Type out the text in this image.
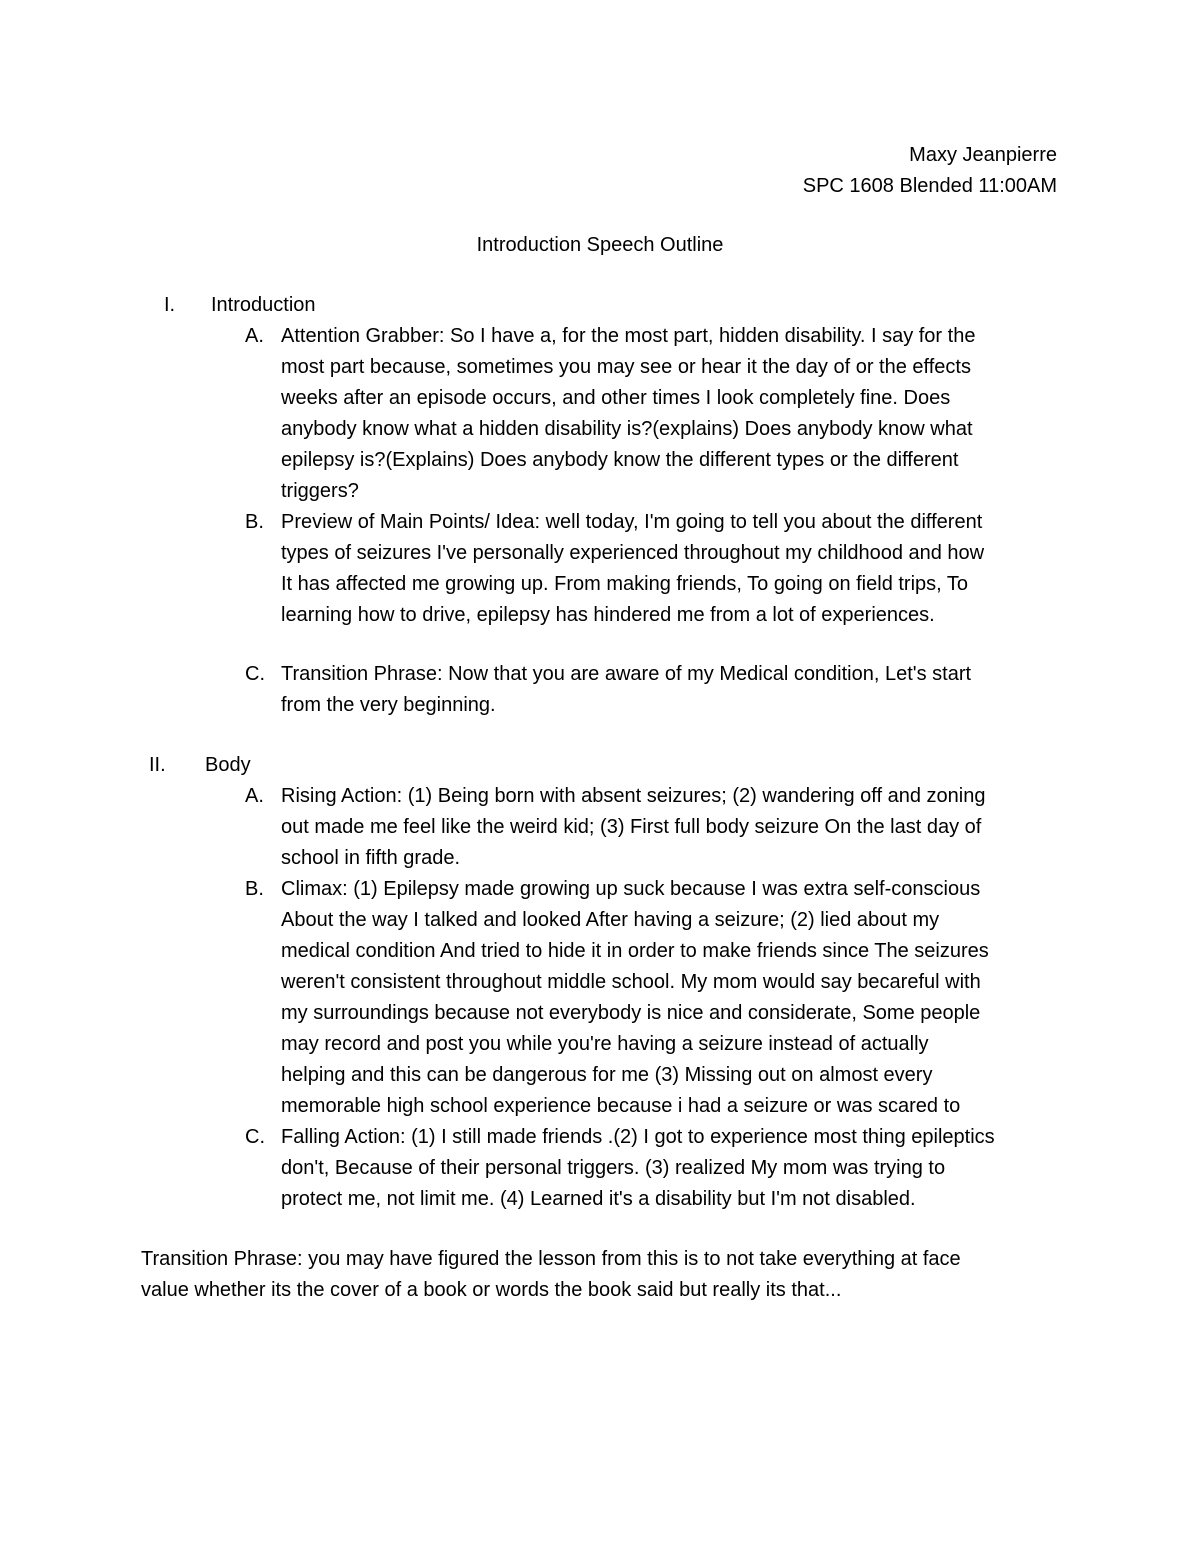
Maxy Jeanpierre
SPC 1608 Blended 11:00AM
Introduction Speech Outline
I. Introduction
A. Attention Grabber: So I have a, for the most part, hidden disability. I say for the
most part because, sometimes you may see or hear it the day of or the effects
weeks after an episode occurs, and other times I look completely fine. Does
anybody know what a hidden disability is?(explains) Does anybody know what
epilepsy is?(Explains) Does anybody know the different types or the different
triggers?
B. Preview of Main Points/ Idea: well today, I'm going to tell you about the different
types of seizures I've personally experienced throughout my childhood and how
It has affected me growing up. From making friends, To going on field trips, To
learning how to drive, epilepsy has hindered me from a lot of experiences.
C. Transition Phrase: Now that you are aware of my Medical condition, Let's start
from the very beginning.
II. Body
A. Rising Action: (1) Being born with absent seizures; (2) wandering off and zoning
out made me feel like the weird kid; (3) First full body seizure On the last day of
school in fifth grade.
B. Climax: (1) Epilepsy made growing up suck because I was extra self-conscious
About the way I talked and looked After having a seizure; (2) lied about my
medical condition And tried to hide it in order to make friends since The seizures
weren't consistent throughout middle school. My mom would say becareful with
my surroundings because not everybody is nice and considerate, Some people
may record and post you while you're having a seizure instead of actually
helping and this can be dangerous for me (3) Missing out on almost every
memorable high school experience because i had a seizure or was scared to
C. Falling Action: (1) I still made friends .(2) I got to experience most thing epileptics
don't, Because of their personal triggers. (3) realized My mom was trying to
protect me, not limit me. (4) Learned it's a disability but I'm not disabled.
Transition Phrase: you may have figured the lesson from this is to not take everything at face
value whether its the cover of a book or words the book said but really its that...
